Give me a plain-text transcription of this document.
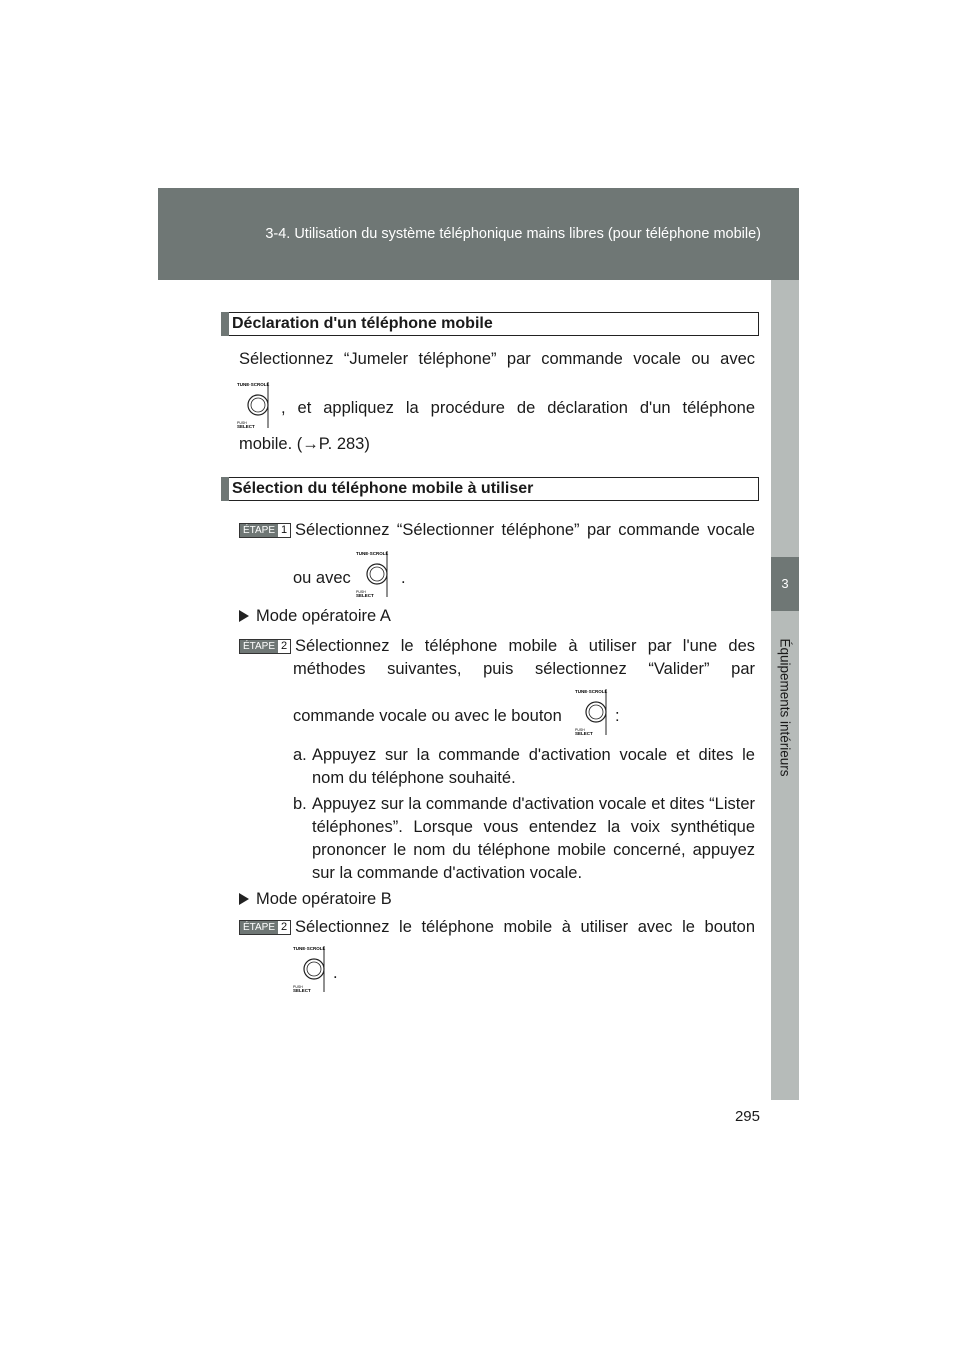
3-4. Utilisation du système téléphonique mains libres (pour téléphone mobile)
3
Équipements intérieurs
Déclaration d'un téléphone mobile
Sélectionnez “Jumeler téléphone” par commande vocale ou avec
TUNE·SCROLL
PUSH
SELECT
, et appliquez la procédure de déclaration d'un téléphone
mobile. (→P. 283)
Sélection du téléphone mobile à utiliser
ÉTAPE 1 Sélectionnez “Sélectionner téléphone” par commande vocale
ou avec
TUNE·SCROLL
PUSH
SELECT
.
Mode opératoire A
ÉTAPE 2 Sélectionnez le téléphone mobile à utiliser par l'une des
méthodes suivantes, puis sélectionnez “Valider” par
commande vocale ou avec le bouton
TUNE·SCROLL
PUSH
SELECT
:
a. Appuyez sur la commande d'activation vocale et dites le nom du téléphone souhaité.
b. Appuyez sur la commande d'activation vocale et dites “Lister téléphones”. Lorsque vous entendez la voix synthétique prononcer le nom du téléphone mobile concerné, appuyez sur la commande d'activation vocale.
Mode opératoire B
ÉTAPE 2 Sélectionnez le téléphone mobile à utiliser avec le bouton
TUNE·SCROLL
PUSH
SELECT
.
295
